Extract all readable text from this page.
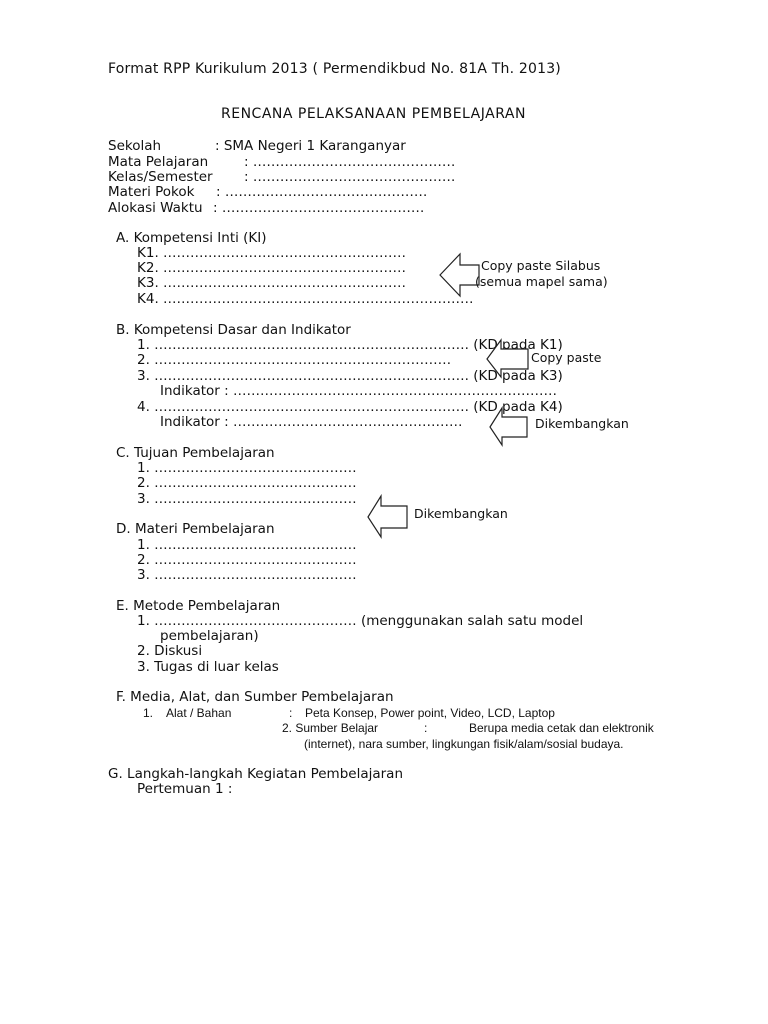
Format RPP Kurikulum 2013 ( Permendikbud No. 81A Th. 2013)
RENCANA PELAKSANAAN PEMBELAJARAN
Sekolah	: SMA Negeri 1 Karanganyar
Mata Pelajaran	: ………………………………………
Kelas/Semester : ………………………………………
Materi Pokok : ………………………………………
Alokasi Waktu : ………………………………………
A. Kompetensi Inti (KI)
K1. ………………………………………………
K2. ………………………………………………
K3. ………………………………………………
K4. ……………………………………………………………
Copy paste Silabus
(semua mapel sama)
B. Kompetensi Dasar dan Indikator
1. ……………………………………………………………. (KD pada K1)
2. …………………………………………………………
3. ……………………………………………………………. (KD pada K3)
Indikator : ………………………………………………………………
4. ……………………………………………………………. (KD pada K4)
Indikator : ……………………………………………
Copy paste
Dikembangkan
C. Tujuan Pembelajaran
1. ………………………………………
2. ………………………………………
3. ………………………………………
Dikembangkan
D. Materi Pembelajaran
1. ………………………………………
2. ………………………………………
3. ………………………………………
E. Metode Pembelajaran
1. ……………………………………… (menggunakan salah satu model
pembelajaran)
2. Diskusi
3. Tugas di luar kelas
F. Media, Alat, dan Sumber Pembelajaran
1. Alat / Bahan	: Peta Konsep, Power point, Video, LCD, Laptop
2. Sumber Belajar	:	Berupa media cetak dan elektronik
(internet), nara sumber, lingkungan fisik/alam/sosial budaya.
G. Langkah-langkah Kegiatan Pembelajaran
Pertemuan 1 :
